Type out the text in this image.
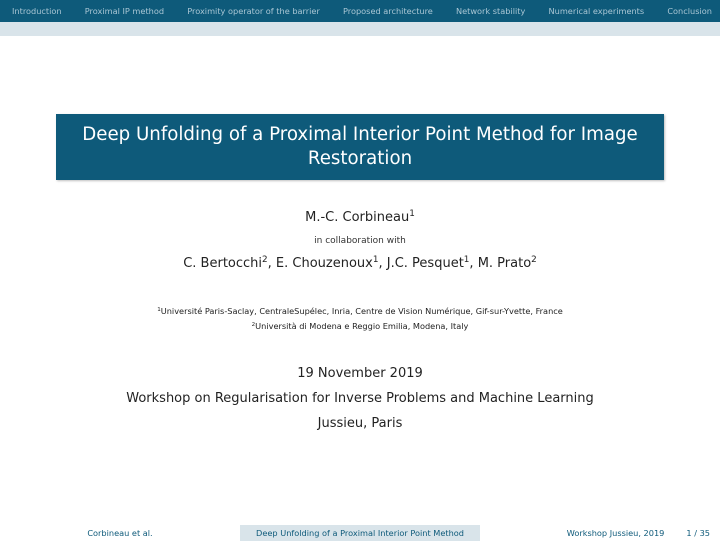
Introduction	Proximal IP method	Proximity operator of the barrier	Proposed architecture	Network stability	Numerical experiments	Conclusion
Deep Unfolding of a Proximal Interior Point Method for Image Restoration
M.-C. Corbineau$^1$
in collaboration with
C. Bertocchi$^2$, E. Chouzenoux$^1$, J.C. Pesquet$^1$, M. Prato$^2$
$^1$Université Paris-Saclay, CentraleSupélec, Inria, Centre de Vision Numérique, Gif-sur-Yvette, France
$^2$Università di Modena e Reggio Emilia, Modena, Italy
19 November 2019
Workshop on Regularisation for Inverse Problems and Machine Learning
Jussieu, Paris
Corbineau et al.	Deep Unfolding of a Proximal Interior Point Method	Workshop Jussieu, 2019	1 / 35
